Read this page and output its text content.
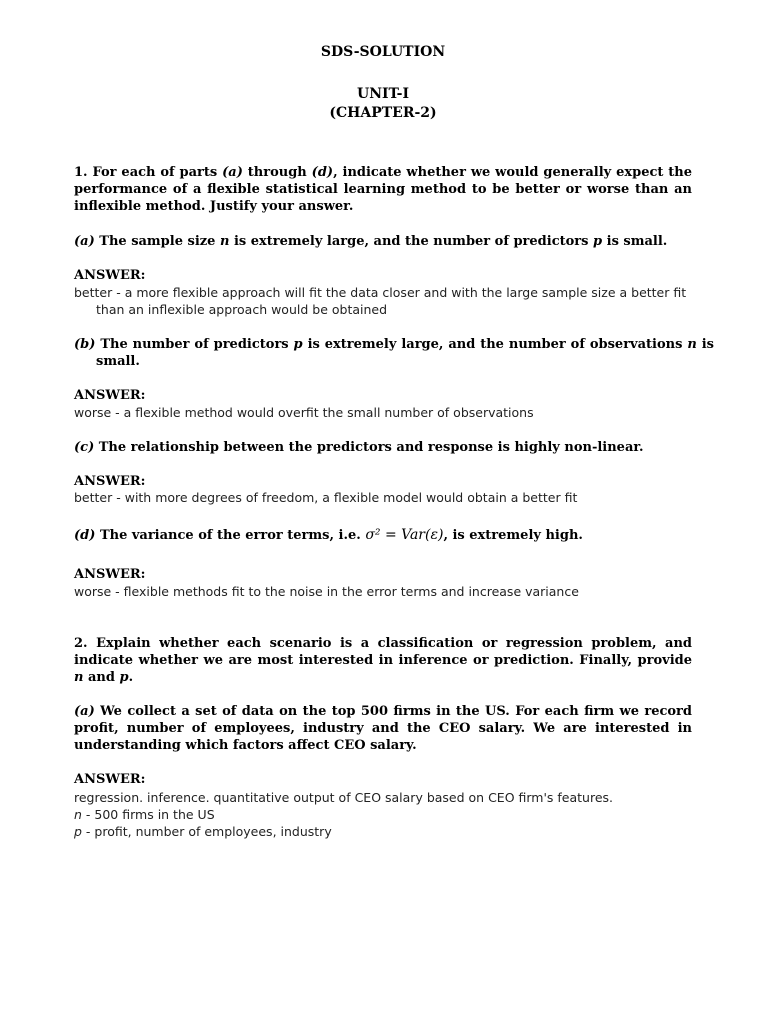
SDS-SOLUTION
UNIT-I
(CHAPTER-2)

1. For each of parts (a) through (d), indicate whether we would generally expect the performance of a flexible statistical learning method to be better or worse than an inflexible method. Justify your answer.

(a) The sample size n is extremely large, and the number of predictors p is small.

ANSWER:

better - a more flexible approach will fit the data closer and with the large sample size a better fit than an inflexible approach would be obtained

(b) The number of predictors p is extremely large, and the number of observations n is small.

ANSWER:

worse - a flexible method would overfit the small number of observations

(c) The relationship between the predictors and response is highly non-linear.

ANSWER:

better - with more degrees of freedom, a flexible model would obtain a better fit

(d) The variance of the error terms, i.e. σ² = Var(ε), is extremely high.

ANSWER:

worse - flexible methods fit to the noise in the error terms and increase variance

2. Explain whether each scenario is a classification or regression problem, and indicate whether we are most interested in inference or prediction. Finally, provide n and p.

(a) We collect a set of data on the top 500 firms in the US. For each firm we record profit, number of employees, industry and the CEO salary. We are interested in understanding which factors affect CEO salary.

ANSWER:

regression. inference. quantitative output of CEO salary based on CEO firm's features.

n - 500 firms in the US

p - profit, number of employees, industry
